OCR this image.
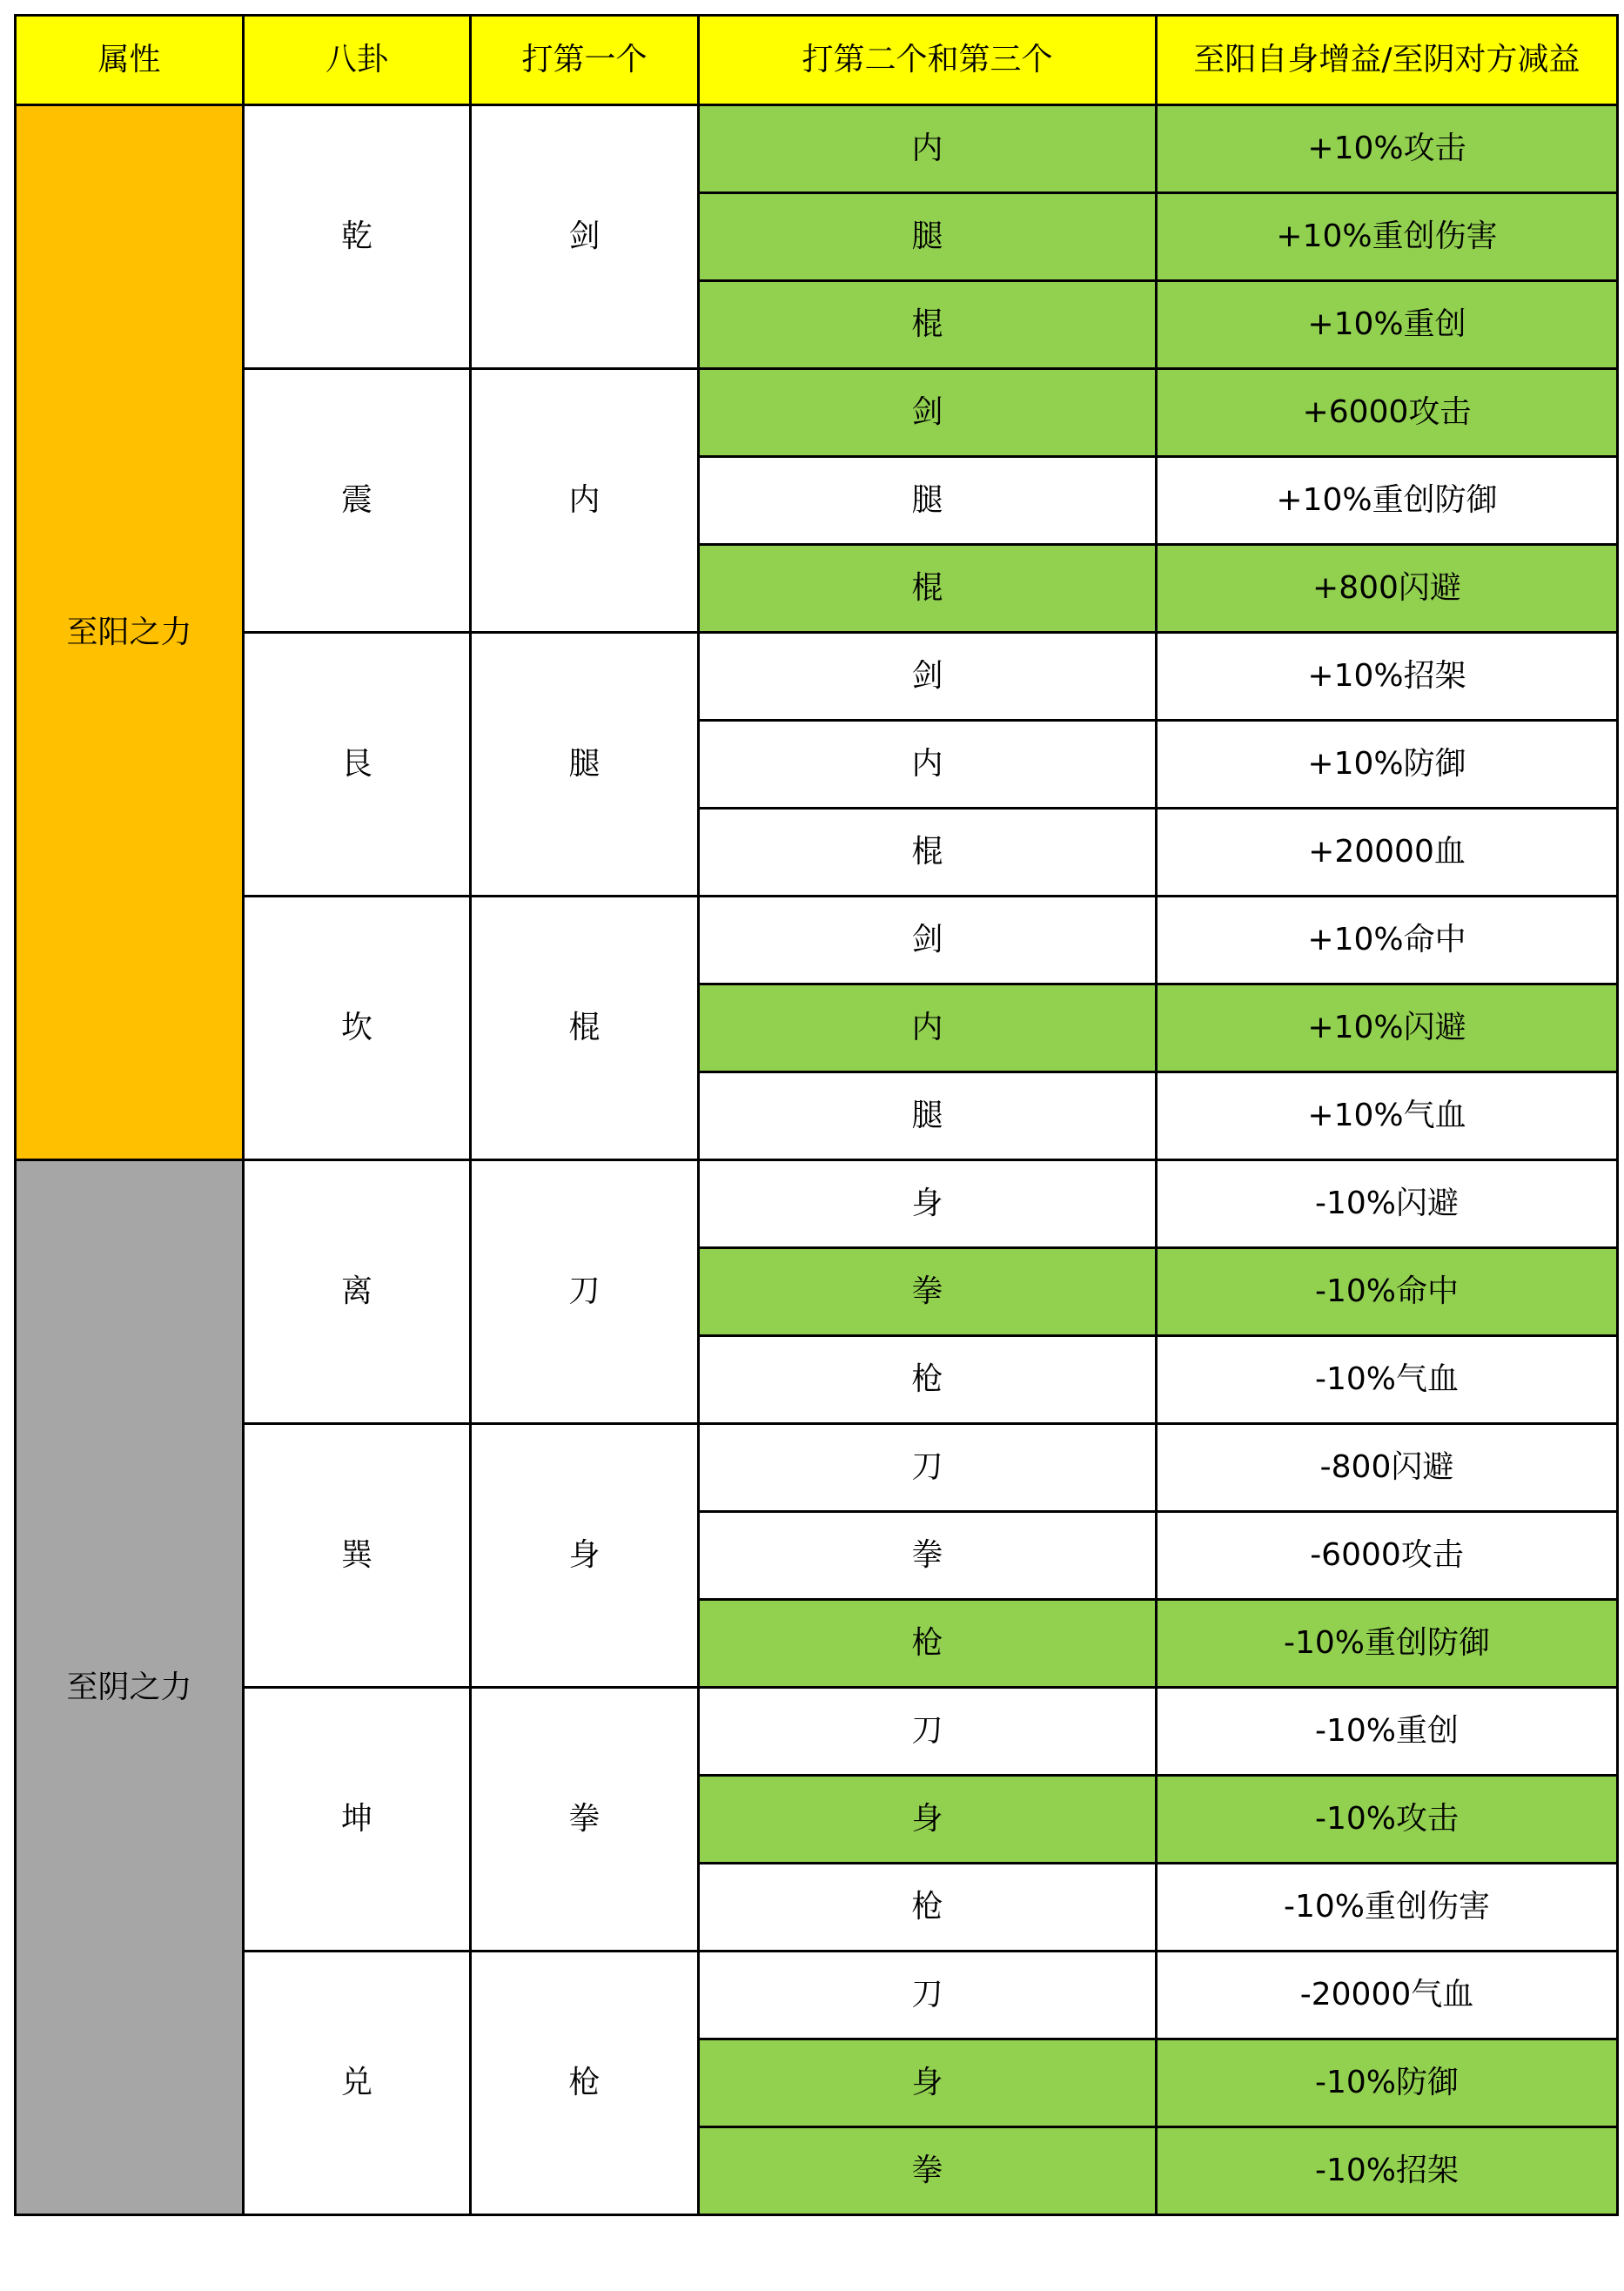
属性	八卦	打第一个	打第二个和第三个	至阳自身增益/至阴对方减益
至阳之力	乾	剑	内	+10%攻击
			腿	+10%重创伤害
			棍	+10%重创
	震	内	剑	+6000攻击
			腿	+10%重创防御
			棍	+800闪避
	艮	腿	剑	+10%招架
			内	+10%防御
			棍	+20000血
	坎	棍	剑	+10%命中
			内	+10%闪避
			腿	+10%气血
至阴之力	离	刀	身	-10%闪避
			拳	-10%命中
			枪	-10%气血
	巽	身	刀	-800闪避
			拳	-6000攻击
			枪	-10%重创防御
	坤	拳	刀	-10%重创
			身	-10%攻击
			枪	-10%重创伤害
	兑	枪	刀	-20000气血
			身	-10%防御
			拳	-10%招架
